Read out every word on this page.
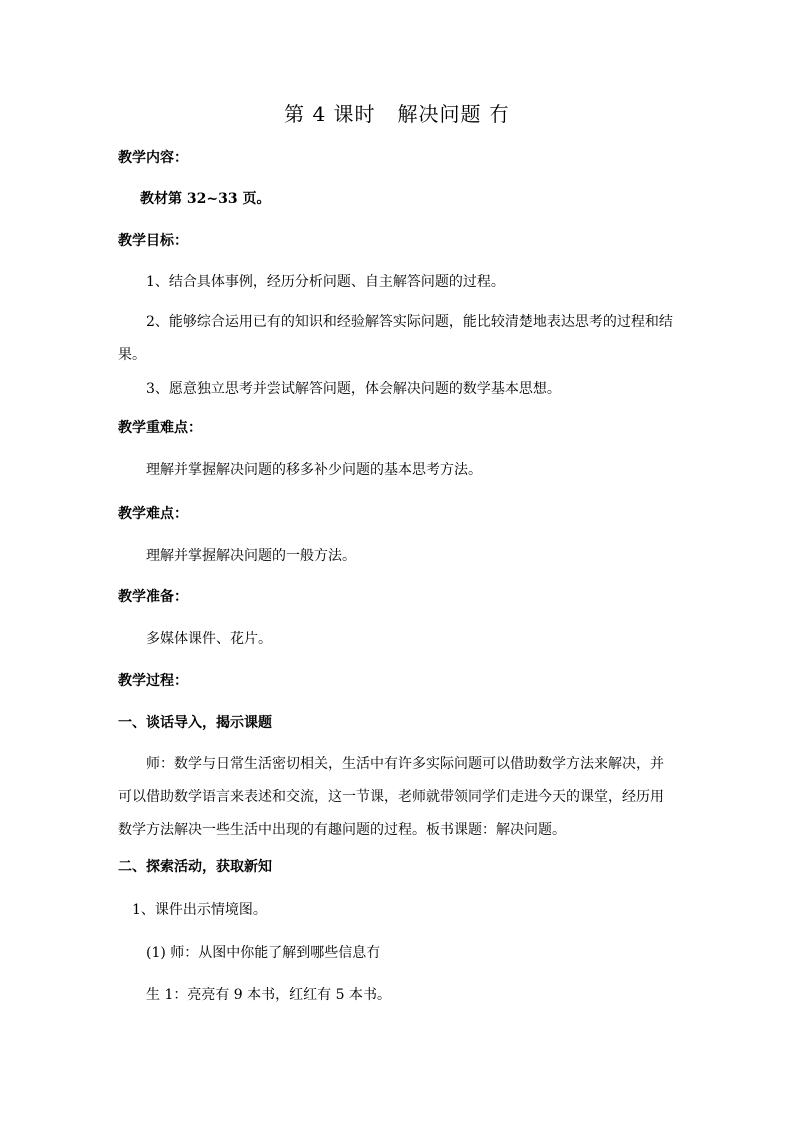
第 4 课时 解决问题 冇
教学内容：
教材第 32~33 页。
教学目标：
1、结合具体事例，经历分析问题、自主解答问题的过程。
2、能够综合运用已有的知识和经验解答实际问题，能比较清楚地表达思考的过程和结果。
3、愿意独立思考并尝试解答问题，体会解决问题的数学基本思想。
教学重难点：
理解并掌握解决问题的移多补少问题的基本思考方法。
教学难点：
理解并掌握解决问题的一般方法。
教学准备：
多媒体课件、花片。
教学过程：
一、谈话导入，揭示课题
师：数学与日常生活密切相关，生活中有许多实际问题可以借助数学方法来解决，并可以借助数学语言来表述和交流，这一节课，老师就带领同学们走进今天的课堂，经历用数学方法解决一些生活中出现的有趣问题的过程。板书课题：解决问题。
二、探索活动，获取新知
1、课件出示情境图。
(1) 师：从图中你能了解到哪些信息冇
生 1：亮亮有 9 本书，红红有 5 本书。
